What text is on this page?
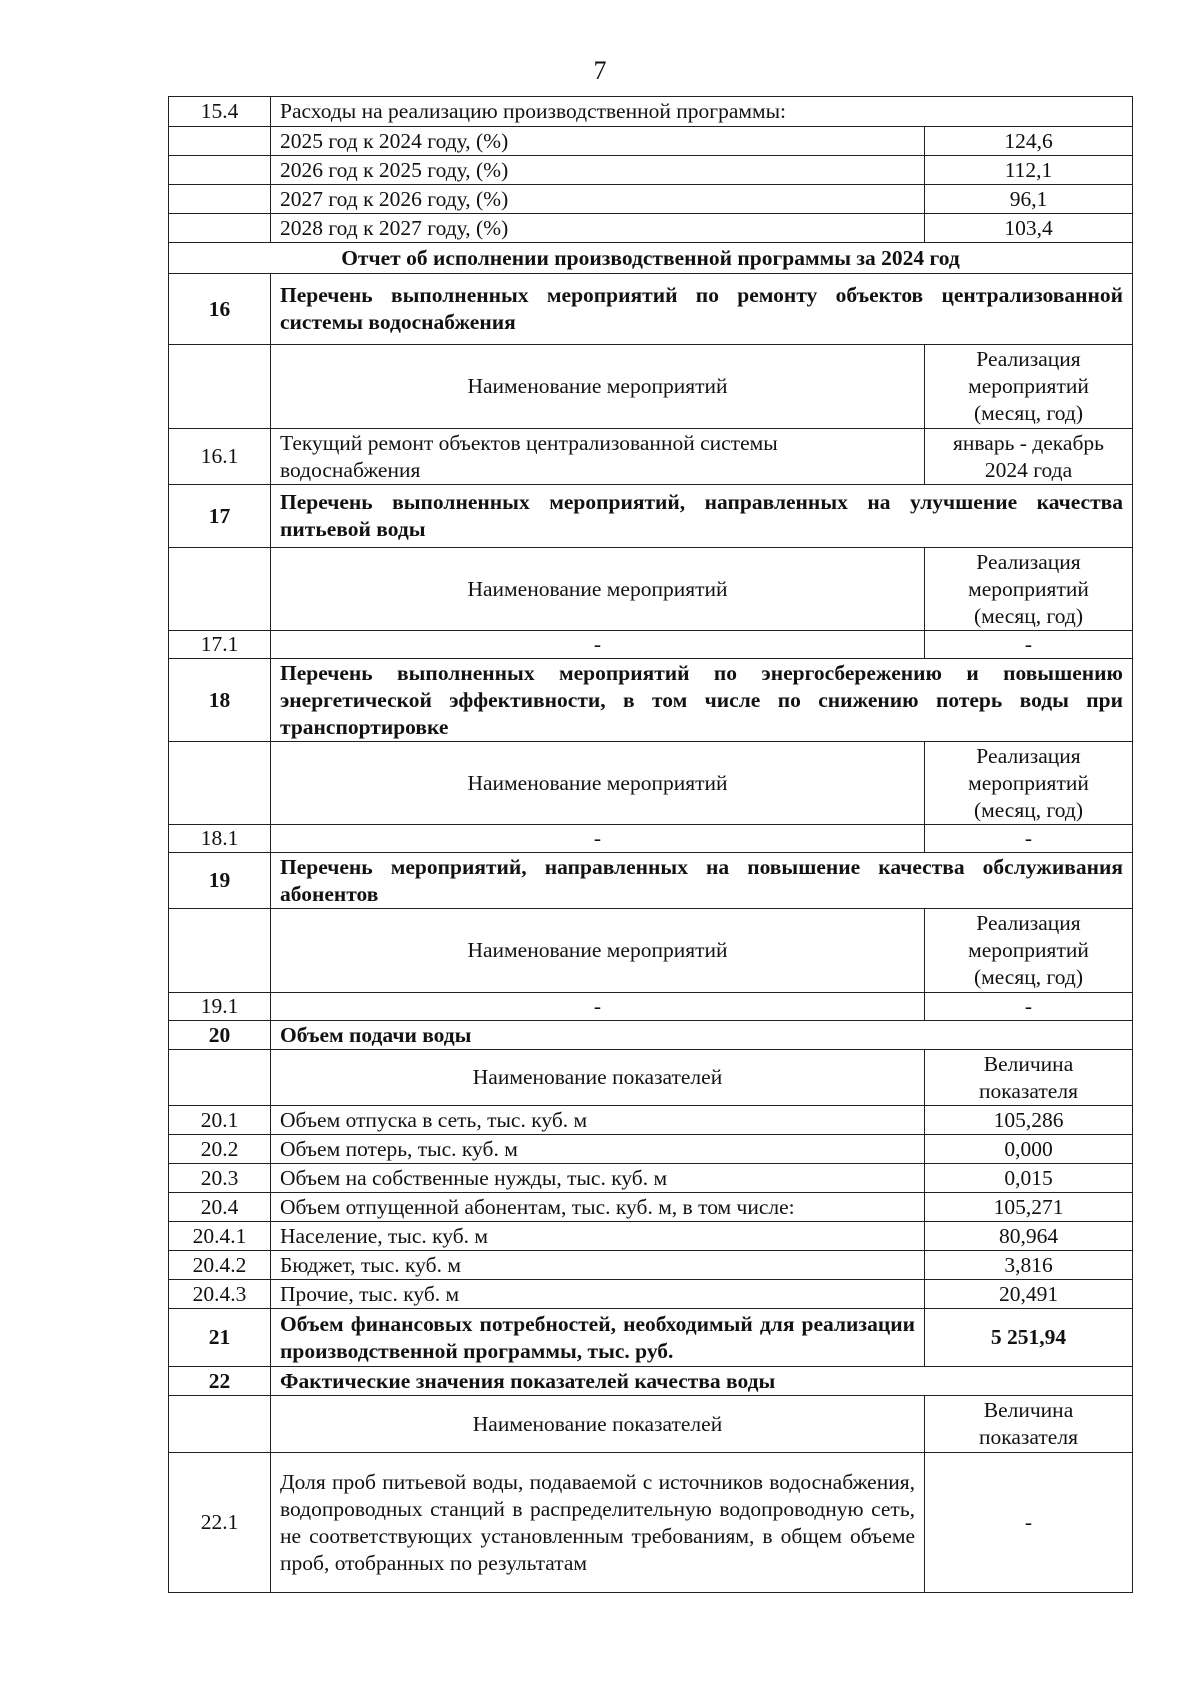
7
15.4	Расходы на реализацию производственной программы:	
	2025 год к 2024 году, (%)	124,6
	2026 год к 2025 году, (%)	112,1
	2027 год к 2026 году, (%)	96,1
	2028 год к 2027 году, (%)	103,4
Отчет об исполнении производственной программы за 2024 год		
16	Перечень выполненных мероприятий по ремонту объектов централизованной системы водоснабжения	
	Наименование мероприятий	Реализация мероприятий (месяц, год)
16.1	Текущий ремонт объектов централизованной системы водоснабжения	январь - декабрь 2024 года
17	Перечень выполненных мероприятий, направленных на улучшение качества питьевой воды	
	Наименование мероприятий	Реализация мероприятий (месяц, год)
17.1	-	-
18	Перечень выполненных мероприятий по энергосбережению и повышению энергетической эффективности, в том числе по снижению потерь воды при транспортировке	
	Наименование мероприятий	Реализация мероприятий (месяц, год)
18.1	-	-
19	Перечень мероприятий, направленных на повышение качества обслуживания абонентов	
	Наименование мероприятий	Реализация мероприятий (месяц, год)
19.1	-	-
20	Объем подачи воды	
	Наименование показателей	Величина показателя
20.1	Объем отпуска в сеть, тыс. куб. м	105,286
20.2	Объем потерь, тыс. куб. м	0,000
20.3	Объем на собственные нужды, тыс. куб. м	0,015
20.4	Объем отпущенной абонентам, тыс. куб. м, в том числе:	105,271
20.4.1	Население, тыс. куб. м	80,964
20.4.2	Бюджет, тыс. куб. м	3,816
20.4.3	Прочие, тыс. куб. м	20,491
21	Объем финансовых потребностей, необходимый для реализации производственной программы, тыс. руб.	5 251,94
22	Фактические значения показателей качества воды	
	Наименование показателей	Величина показателя
22.1	Доля проб питьевой воды, подаваемой с источников водоснабжения, водопроводных станций в распределительную водопроводную сеть, не соответствующих установленным требованиям, в общем объеме проб, отобранных по результатам	-
